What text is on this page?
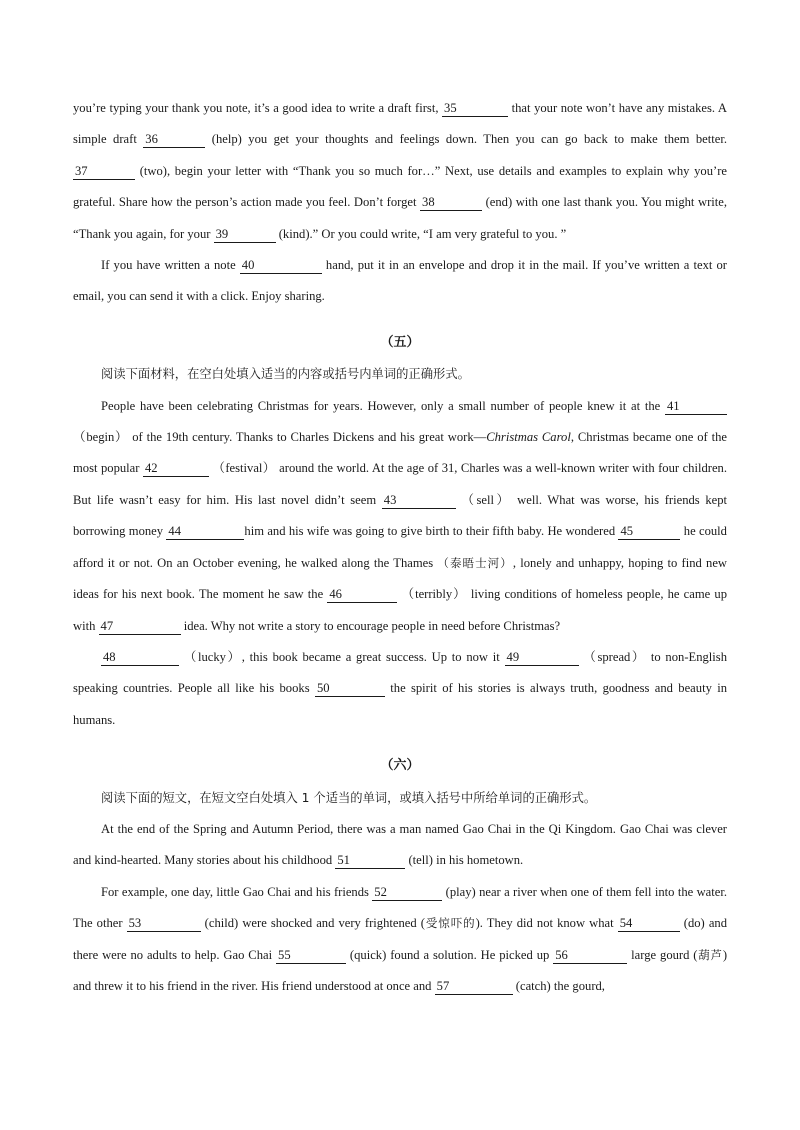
you’re typing your thank you note, it’s a good idea to write a draft first, 35	that your note won’t have any mistakes. A simple draft 36	(help) you get your thoughts and feelings down. Then you can go back to make them better. 37	(two), begin your letter with “Thank you so much for…” Next, use details and examples to explain why you’re grateful. Share how the person’s action made you feel. Don’t forget 38	(end) with one last thank you. You might write, “Thank you again, for your 39	(kind).” Or you could write, “I am very grateful to you. ”

If you have written a note 40	hand, put it in an envelope and drop it in the mail. If you’ve written a text or email, you can send it with a click. Enjoy sharing.

（五）

阅读下面材料，在空白处填入适当的内容或括号内单词的正确形式。

People have been celebrating Christmas for years. However, only a small number of people knew it at the 41 （begin） of the 19th century. Thanks to Charles Dickens and his great work—Christmas Carol, Christmas became one of the most popular 42	（festival） around the world. At the age of 31, Charles was a well-known writer with four children. But life wasn’t easy for him. His last novel didn’t seem 43	（sell） well. What was worse, his friends kept borrowing money 44	him and his wife was going to give birth to their fifth baby. He wondered 45	he could afford it or not. On an October evening, he walked along the Thames （泰晤士河）, lonely and unhappy, hoping to find new ideas for his next book. The moment he saw the 46	（terribly） living conditions of homeless people, he came up with 47	idea. Why not write a story to encourage people in need before Christmas?

48	（lucky）, this book became a great success. Up to now it 49	（spread） to non-English speaking countries. People all like his books 50	the spirit of his stories is always truth, goodness and beauty in humans.

（六）

阅读下面的短文，在短文空白处填入 1 个适当的单词，或填入括号中所给单词的正确形式。

At the end of the Spring and Autumn Period, there was a man named Gao Chai in the Qi Kingdom. Gao Chai was clever and kind-hearted. Many stories about his childhood 51	(tell) in his hometown.

For example, one day, little Gao Chai and his friends 52	(play) near a river when one of them fell into the water. The other 53	(child) were shocked and very frightened (受惊吓的). They did not know what 54	(do) and there were no adults to help. Gao Chai 55	(quick) found a solution. He picked up 56	large gourd (葫芦) and threw it to his friend in the river. His friend understood at once and 57	(catch) the gourd,
